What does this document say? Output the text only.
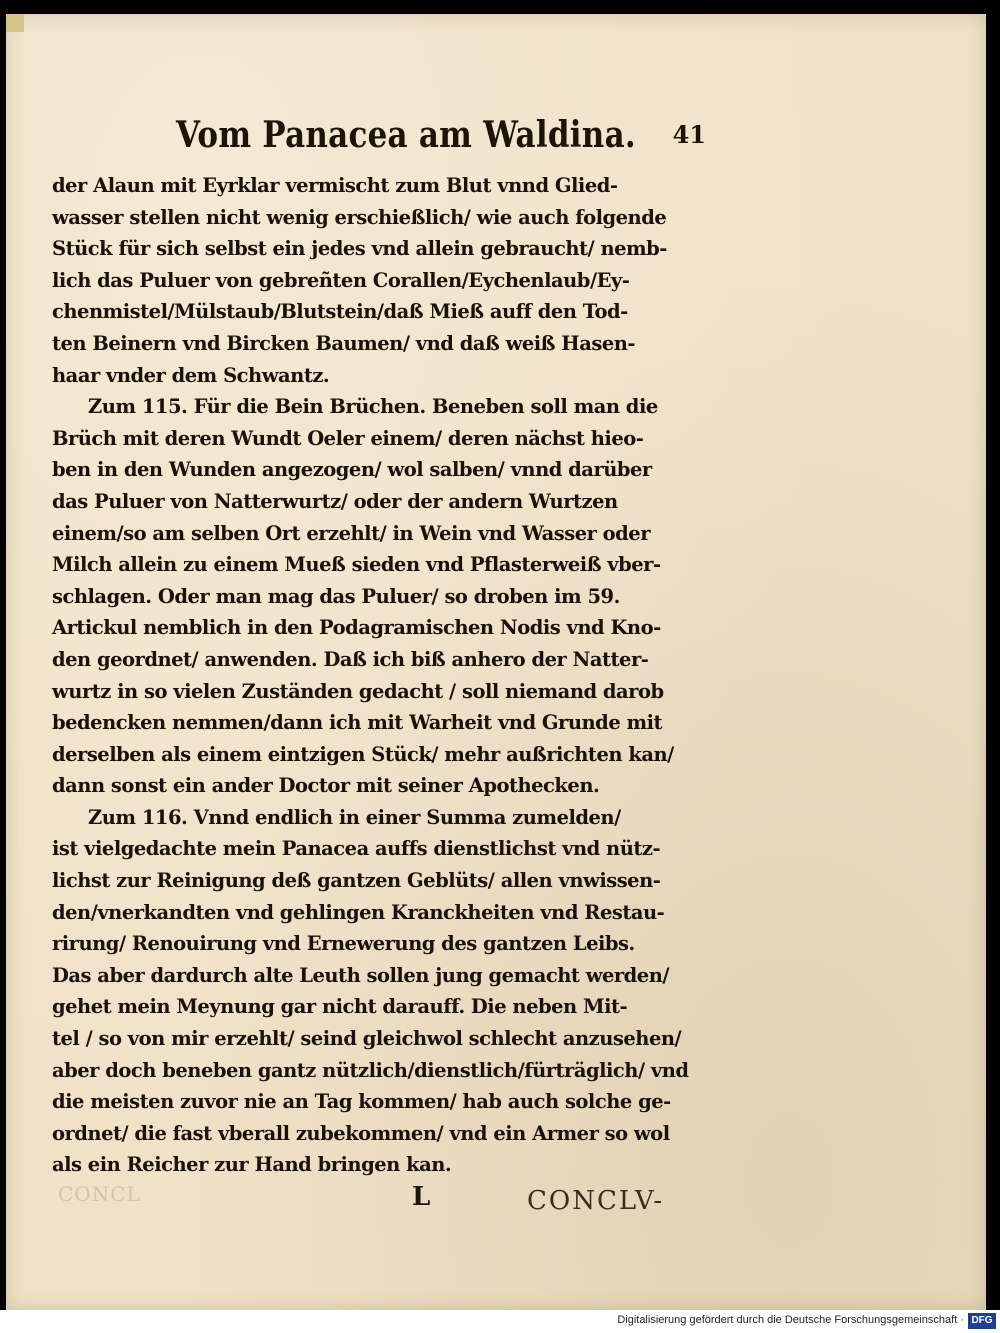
Vom Panacea am Waldina. 41
der Alaun mit Eyrklar vermischt zum Blut vnnd Glied-
wasser stellen nicht wenig erschießlich/ wie auch folgende
Stück für sich selbst ein jedes vnd allein gebraucht/ nemb-
lich das Puluer von gebreñten Corallen/Eychenlaub/Ey-
chenmistel/Mülstaub/Blutstein/daß Mieß auff den Tod-
ten Beinern vnd Bircken Baumen/ vnd daß weiß Hasen-
haar vnder dem Schwantz.
Zum 115. Für die Bein Brüchen. Beneben soll man die
Brüch mit deren Wundt Oeler einem/ deren nächst hieo-
ben in den Wunden angezogen/ wol salben/ vnnd darüber
das Puluer von Natterwurtz/ oder der andern Wurtzen
einem/so am selben Ort erzehlt/ in Wein vnd Wasser oder
Milch allein zu einem Mueß sieden vnd Pflasterweiß vber-
schlagen. Oder man mag das Puluer/ so droben im 59.
Artickul nemblich in den Podagramischen Nodis vnd Kno-
den geordnet/ anwenden. Daß ich biß anhero der Natter-
wurtz in so vielen Zuständen gedacht / soll niemand darob
bedencken nemmen/dann ich mit Warheit vnd Grunde mit
derselben als einem eintzigen Stück/ mehr außrichten kan/
dann sonst ein ander Doctor mit seiner Apothecken.
Zum 116. Vnnd endlich in einer Summa zumelden/
ist vielgedachte mein Panacea auffs dienstlichst vnd nütz-
lichst zur Reinigung deß gantzen Geblüts/ allen vnwissen-
den/vnerkandten vnd gehlingen Kranckheiten vnd Restau-
rirung/ Renouirung vnd Ernewerung des gantzen Leibs.
Das aber dardurch alte Leuth sollen jung gemacht werden/
gehet mein Meynung gar nicht darauff. Die neben Mit-
tel / so von mir erzehlt/ seind gleichwol schlecht anzusehen/
aber doch beneben gantz nützlich/dienstlich/fürträglich/ vnd
die meisten zuvor nie an Tag kommen/ hab auch solche ge-
ordnet/ die fast vberall zubekommen/ vnd ein Armer so wol
als ein Reicher zur Hand bringen kan.
CONCL	L	CONCLV-
Digitalisierung gefördert durch die Deutsche Forschungsgemeinschaft · DFG
